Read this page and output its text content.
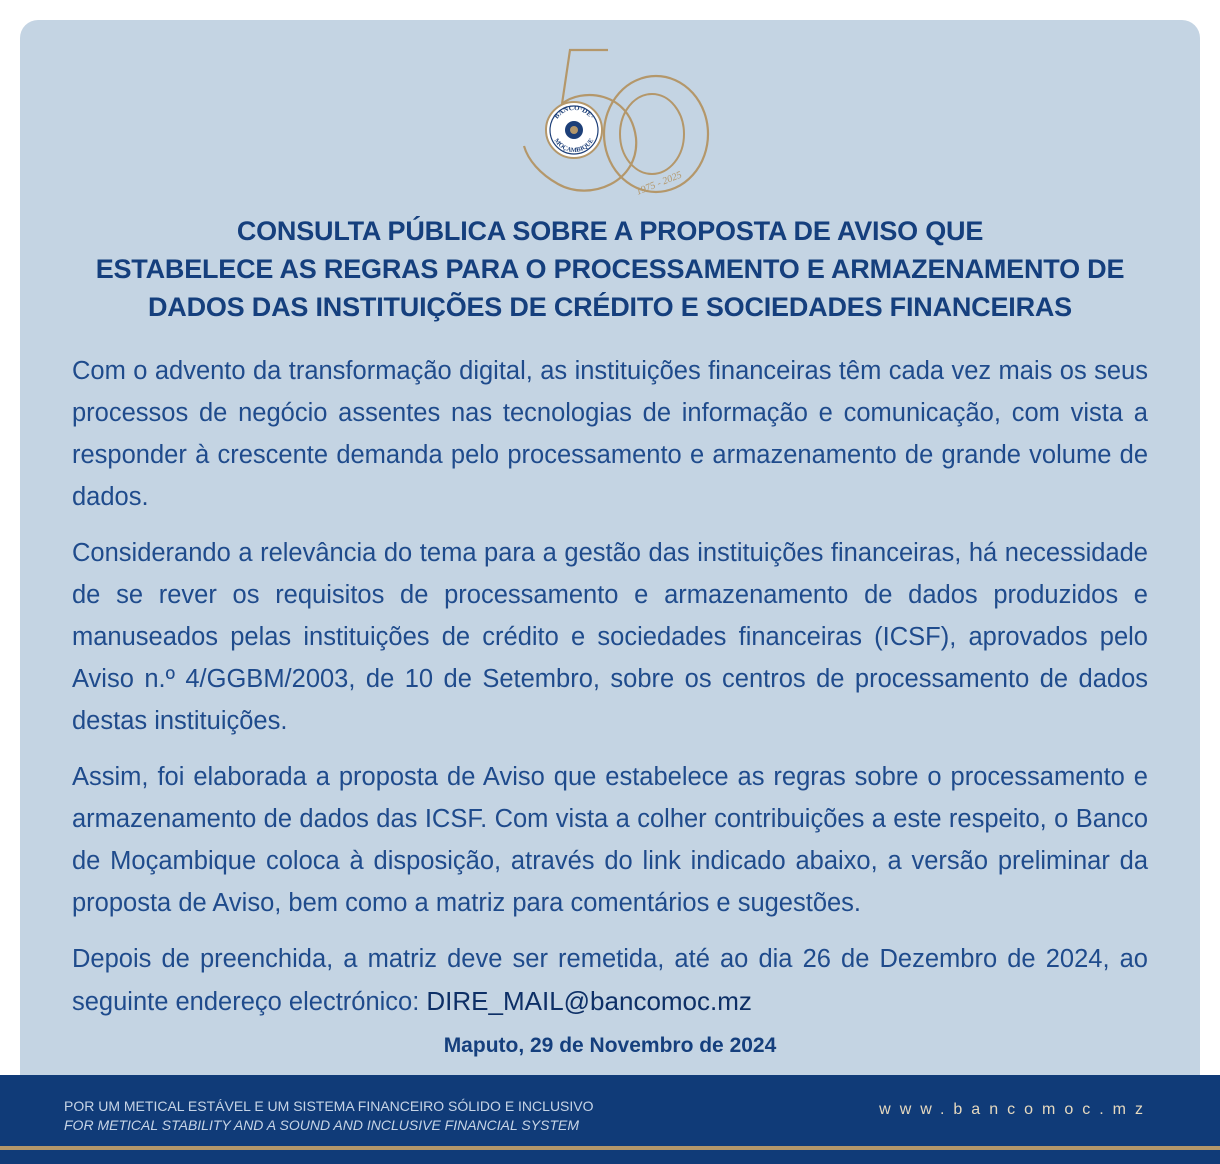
BANCO·DE·
MOÇAMBIQUE
1975 - 2025
CONSULTA PÚBLICA SOBRE A PROPOSTA DE AVISO QUE
ESTABELECE AS REGRAS PARA O PROCESSAMENTO E ARMAZENAMENTO DE
DADOS DAS INSTITUIÇÕES DE CRÉDITO E SOCIEDADES FINANCEIRAS

Com o advento da transformação digital, as instituições financeiras têm cada vez mais os seus processos de negócio assentes nas tecnologias de informação e comunicação, com vista a responder à crescente demanda pelo processamento e armazenamento de grande volume de dados.

Considerando a relevância do tema para a gestão das instituições financeiras, há necessidade de se rever os requisitos de processamento e armazenamento de dados produzidos e manuseados pelas instituições de crédito e sociedades financeiras (ICSF), aprovados pelo Aviso n.º 4/GGBM/2003, de 10 de Setembro, sobre os centros de processamento de dados destas instituições.

Assim, foi elaborada a proposta de Aviso que estabelece as regras sobre o processamento e armazenamento de dados das ICSF. Com vista a colher contribuições a este respeito, o Banco de Moçambique coloca à disposição, através do link indicado abaixo, a versão preliminar da proposta de Aviso, bem como a matriz para comentários e sugestões.

Depois de preenchida, a matriz deve ser remetida, até ao dia 26 de Dezembro de 2024, ao seguinte endereço electrónico: DIRE_MAIL@bancomoc.mz

Maputo, 29 de Novembro de 2024
POR UM METICAL ESTÁVEL E UM SISTEMA FINANCEIRO SÓLIDO E INCLUSIVO
FOR METICAL STABILITY AND A SOUND AND INCLUSIVE FINANCIAL SYSTEM
www.bancomoc.mz
